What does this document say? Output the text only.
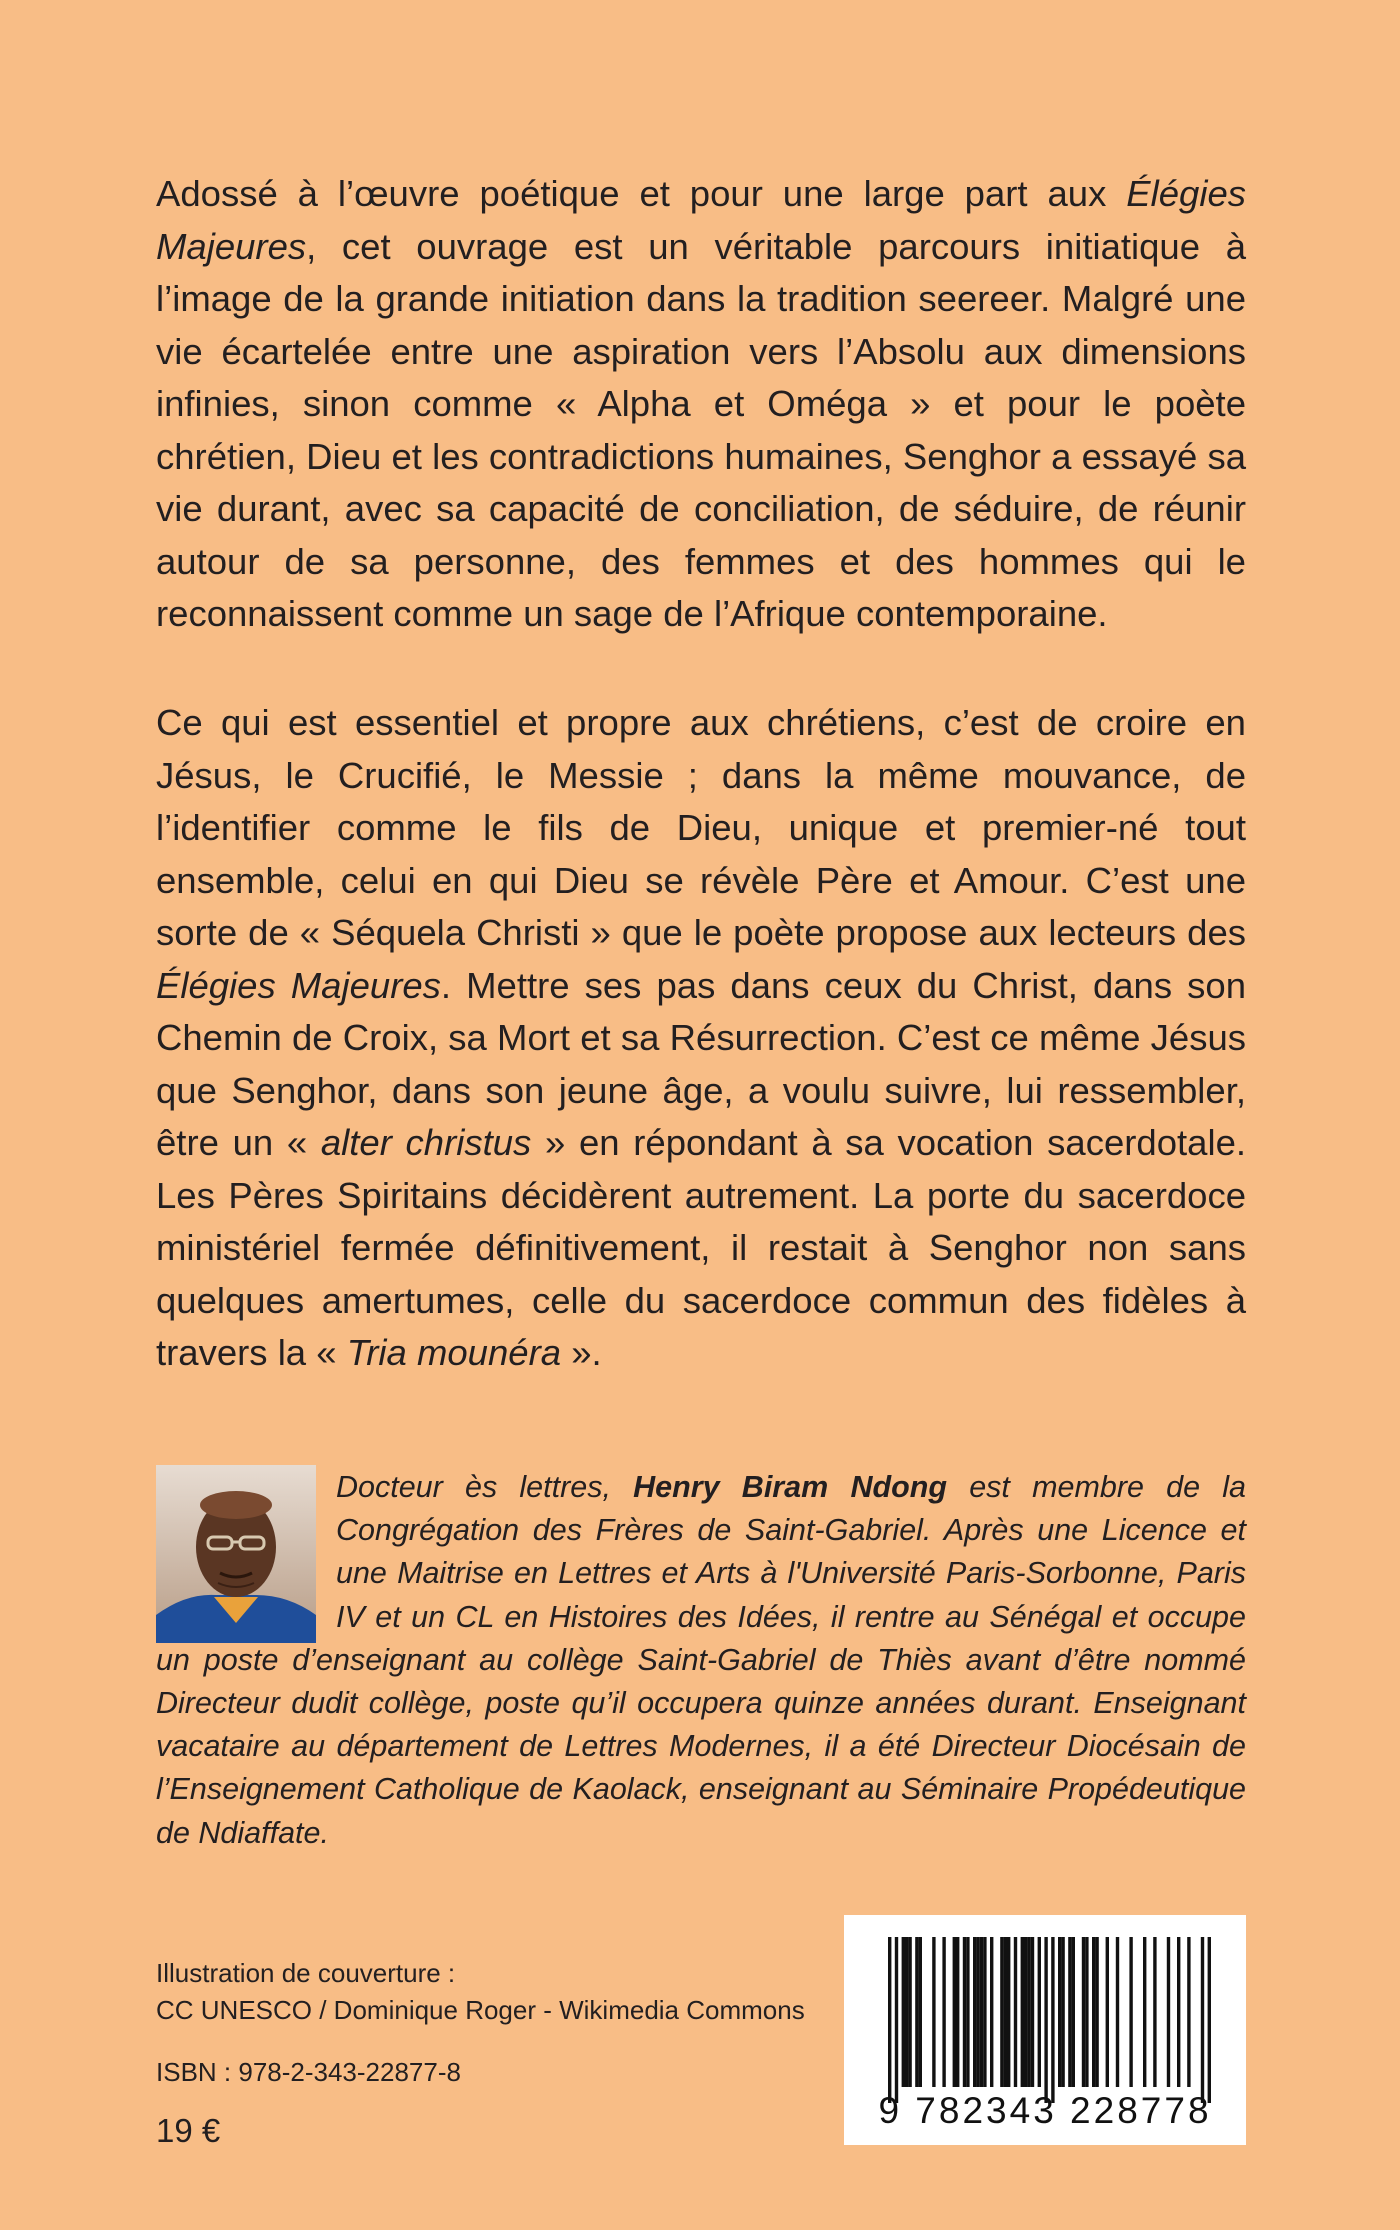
Adossé à l’œuvre poétique et pour une large part aux Élégies Majeures, cet ouvrage est un véritable parcours initiatique à l’image de la grande initiation dans la tradition seereer. Malgré une vie écartelée entre une aspiration vers l’Absolu aux dimensions infinies, sinon comme « Alpha et Oméga » et pour le poète chrétien, Dieu et les contradictions humaines, Senghor a essayé sa vie durant, avec sa capacité de conciliation, de séduire, de réunir autour de sa personne, des femmes et des hommes qui le reconnaissent comme un sage de l’Afrique contemporaine.

Ce qui est essentiel et propre aux chrétiens, c’est de croire en Jésus, le Crucifié, le Messie ; dans la même mouvance, de l’identifier comme le fils de Dieu, unique et premier-né tout ensemble, celui en qui Dieu se révèle Père et Amour. C’est une sorte de « Séquela Christi » que le poète propose aux lecteurs des Élégies Majeures. Mettre ses pas dans ceux du Christ, dans son Chemin de Croix, sa Mort et sa Résurrection. C’est ce même Jésus que Senghor, dans son jeune âge, a voulu suivre, lui ressembler, être un « alter christus » en répondant à sa vocation sacerdotale. Les Pères Spiritains décidèrent autrement. La porte du sacerdoce ministériel fermée définitivement, il restait à Senghor non sans quelques amertumes, celle du sacerdoce commun des fidèles à travers la « Tria mounéra ».

Docteur ès lettres, Henry Biram Ndong est membre de la Congrégation des Frères de Saint-Gabriel. Après une Licence et une Maitrise en Lettres et Arts à l'Université Paris-Sorbonne, Paris IV et un CL en Histoires des Idées, il rentre au Sénégal et occupe un poste d’enseignant au collège Saint-Gabriel de Thiès avant d’être nommé Directeur dudit collège, poste qu’il occupera quinze années durant. Enseignant vacataire au département de Lettres Modernes, il a été Directeur Diocésain de l’Enseignement Catholique de Kaolack, enseignant au Séminaire Propédeutique de Ndiaffate.

Illustration de couverture :

CC UNESCO / Dominique Roger - Wikimedia Commons

ISBN : 978-2-343-22877-8
19 €	9 782343 228778
